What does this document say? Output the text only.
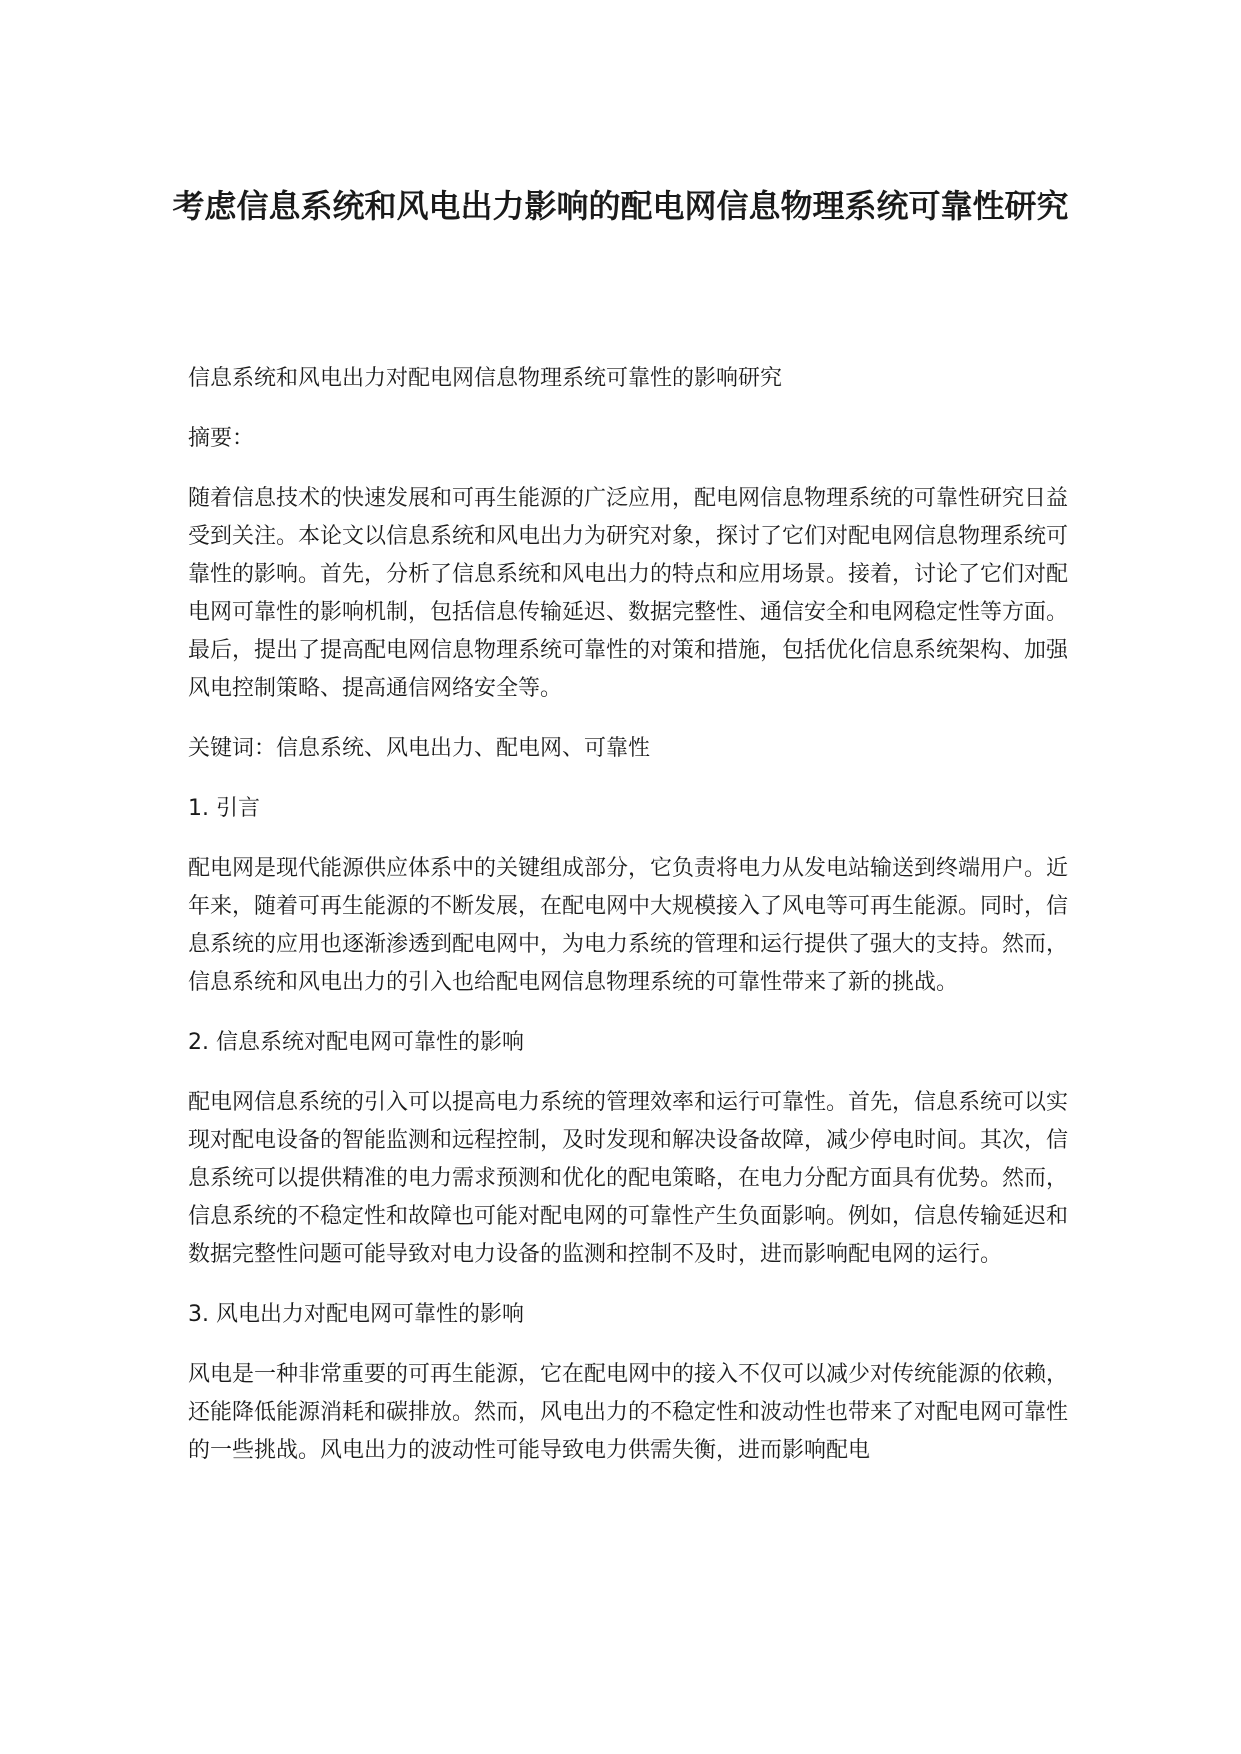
考虑信息系统和风电出力影响的配电网信息物理系统可靠性研究

信息系统和风电出力对配电网信息物理系统可靠性的影响研究

摘要：

随着信息技术的快速发展和可再生能源的广泛应用，配电网信息物理系统的可靠性研究日益受到关注。本论文以信息系统和风电出力为研究对象，探讨了它们对配电网信息物理系统可靠性的影响。首先，分析了信息系统和风电出力的特点和应用场景。接着，讨论了它们对配电网可靠性的影响机制，包括信息传输延迟、数据完整性、通信安全和电网稳定性等方面。最后，提出了提高配电网信息物理系统可靠性的对策和措施，包括优化信息系统架构、加强风电控制策略、提高通信网络安全等。

关键词：信息系统、风电出力、配电网、可靠性

1. 引言

配电网是现代能源供应体系中的关键组成部分，它负责将电力从发电站输送到终端用户。近年来，随着可再生能源的不断发展，在配电网中大规模接入了风电等可再生能源。同时，信息系统的应用也逐渐渗透到配电网中，为电力系统的管理和运行提供了强大的支持。然而，信息系统和风电出力的引入也给配电网信息物理系统的可靠性带来了新的挑战。

2. 信息系统对配电网可靠性的影响

配电网信息系统的引入可以提高电力系统的管理效率和运行可靠性。首先，信息系统可以实现对配电设备的智能监测和远程控制，及时发现和解决设备故障，减少停电时间。其次，信息系统可以提供精准的电力需求预测和优化的配电策略，在电力分配方面具有优势。然而，信息系统的不稳定性和故障也可能对配电网的可靠性产生负面影响。例如，信息传输延迟和数据完整性问题可能导致对电力设备的监测和控制不及时，进而影响配电网的运行。

3. 风电出力对配电网可靠性的影响

风电是一种非常重要的可再生能源，它在配电网中的接入不仅可以减少对传统能源的依赖，还能降低能源消耗和碳排放。然而，风电出力的不稳定性和波动性也带来了对配电网可靠性的一些挑战。风电出力的波动性可能导致电力供需失衡，进而影响配电
